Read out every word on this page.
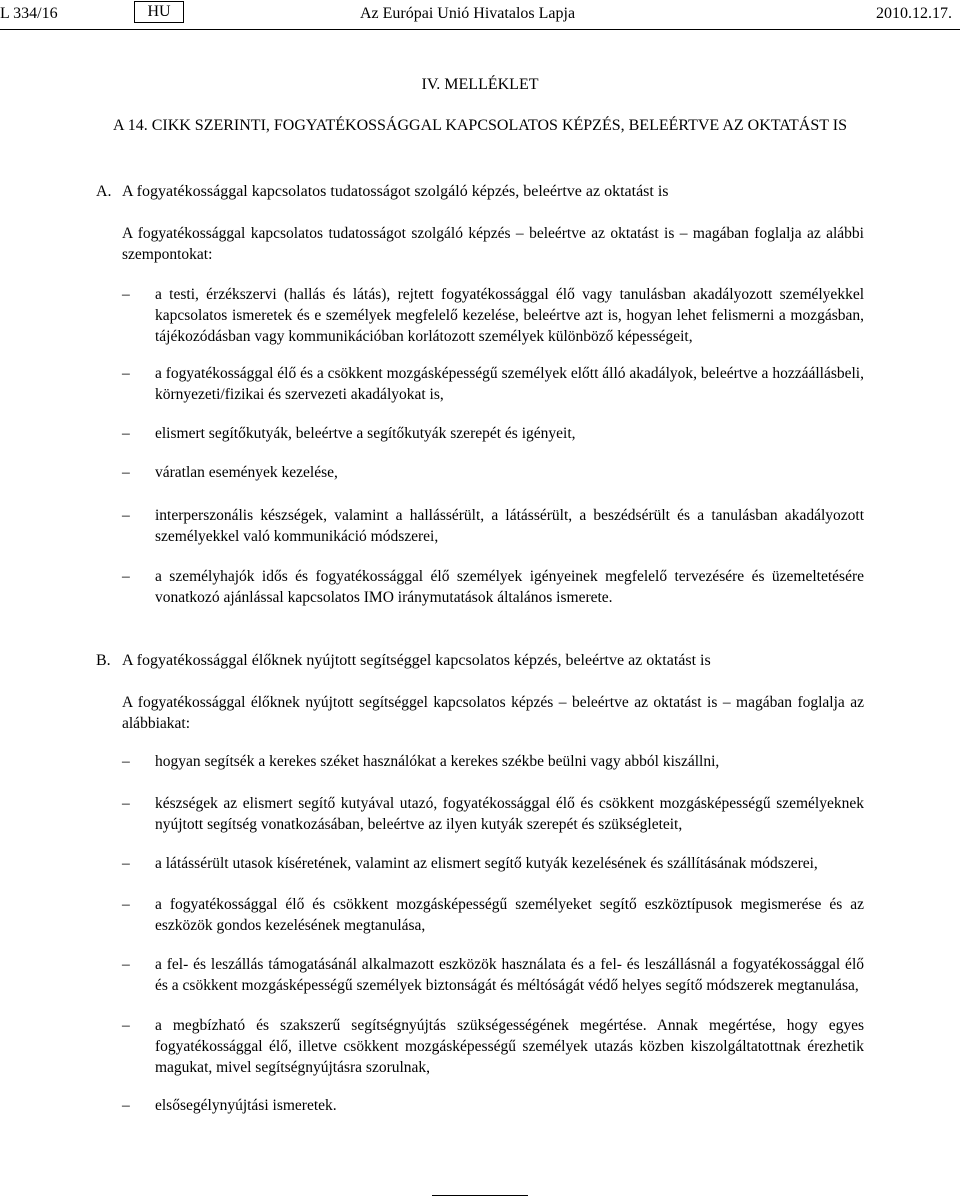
L 334/16	HU	Az Európai Unió Hivatalos Lapja	2010.12.17.
IV. MELLÉKLET
A 14. CIKK SZERINTI, FOGYATÉKOSSÁGGAL KAPCSOLATOS KÉPZÉS, BELEÉRTVE AZ OKTATÁST IS
A. A fogyatékossággal kapcsolatos tudatosságot szolgáló képzés, beleértve az oktatást is
A fogyatékossággal kapcsolatos tudatosságot szolgáló képzés – beleértve az oktatást is – magában foglalja az alábbi szempontokat:
– a testi, érzékszervi (hallás és látás), rejtett fogyatékossággal élő vagy tanulásban akadályozott személyekkel kapcsolatos ismeretek és e személyek megfelelő kezelése, beleértve azt is, hogyan lehet felismerni a mozgásban, tájékozódásban vagy kommunikációban korlátozott személyek különböző képességeit,
– a fogyatékossággal élő és a csökkent mozgásképességű személyek előtt álló akadályok, beleértve a hozzáállásbeli, környezeti/fizikai és szervezeti akadályokat is,
– elismert segítőkutyák, beleértve a segítőkutyák szerepét és igényeit,
– váratlan események kezelése,
– interperszonális készségek, valamint a hallássérült, a látássérült, a beszédsérült és a tanulásban akadályozott személyekkel való kommunikáció módszerei,
– a személyhajók idős és fogyatékossággal élő személyek igényeinek megfelelő tervezésére és üzemeltetésére vonatkozó ajánlással kapcsolatos IMO iránymutatások általános ismerete.
B. A fogyatékossággal élőknek nyújtott segítséggel kapcsolatos képzés, beleértve az oktatást is
A fogyatékossággal élőknek nyújtott segítséggel kapcsolatos képzés – beleértve az oktatást is – magában foglalja az alábbiakat:
– hogyan segítsék a kerekes széket használókat a kerekes székbe beülni vagy abból kiszállni,
– készségek az elismert segítő kutyával utazó, fogyatékossággal élő és csökkent mozgásképességű személyeknek nyújtott segítség vonatkozásában, beleértve az ilyen kutyák szerepét és szükségleteit,
– a látássérült utasok kíséretének, valamint az elismert segítő kutyák kezelésének és szállításának módszerei,
– a fogyatékossággal élő és csökkent mozgásképességű személyeket segítő eszköztípusok megismerése és az eszközök gondos kezelésének megtanulása,
– a fel- és leszállás támogatásánál alkalmazott eszközök használata és a fel- és leszállásnál a fogyatékossággal élő és a csökkent mozgásképességű személyek biztonságát és méltóságát védő helyes segítő módszerek megtanulása,
– a megbízható és szakszerű segítségnyújtás szükségességének megértése. Annak megértése, hogy egyes fogyatékossággal élő, illetve csökkent mozgásképességű személyek utazás közben kiszolgáltatottnak érezhetik magukat, mivel segítségnyújtásra szorulnak,
– elsősegélynyújtási ismeretek.
